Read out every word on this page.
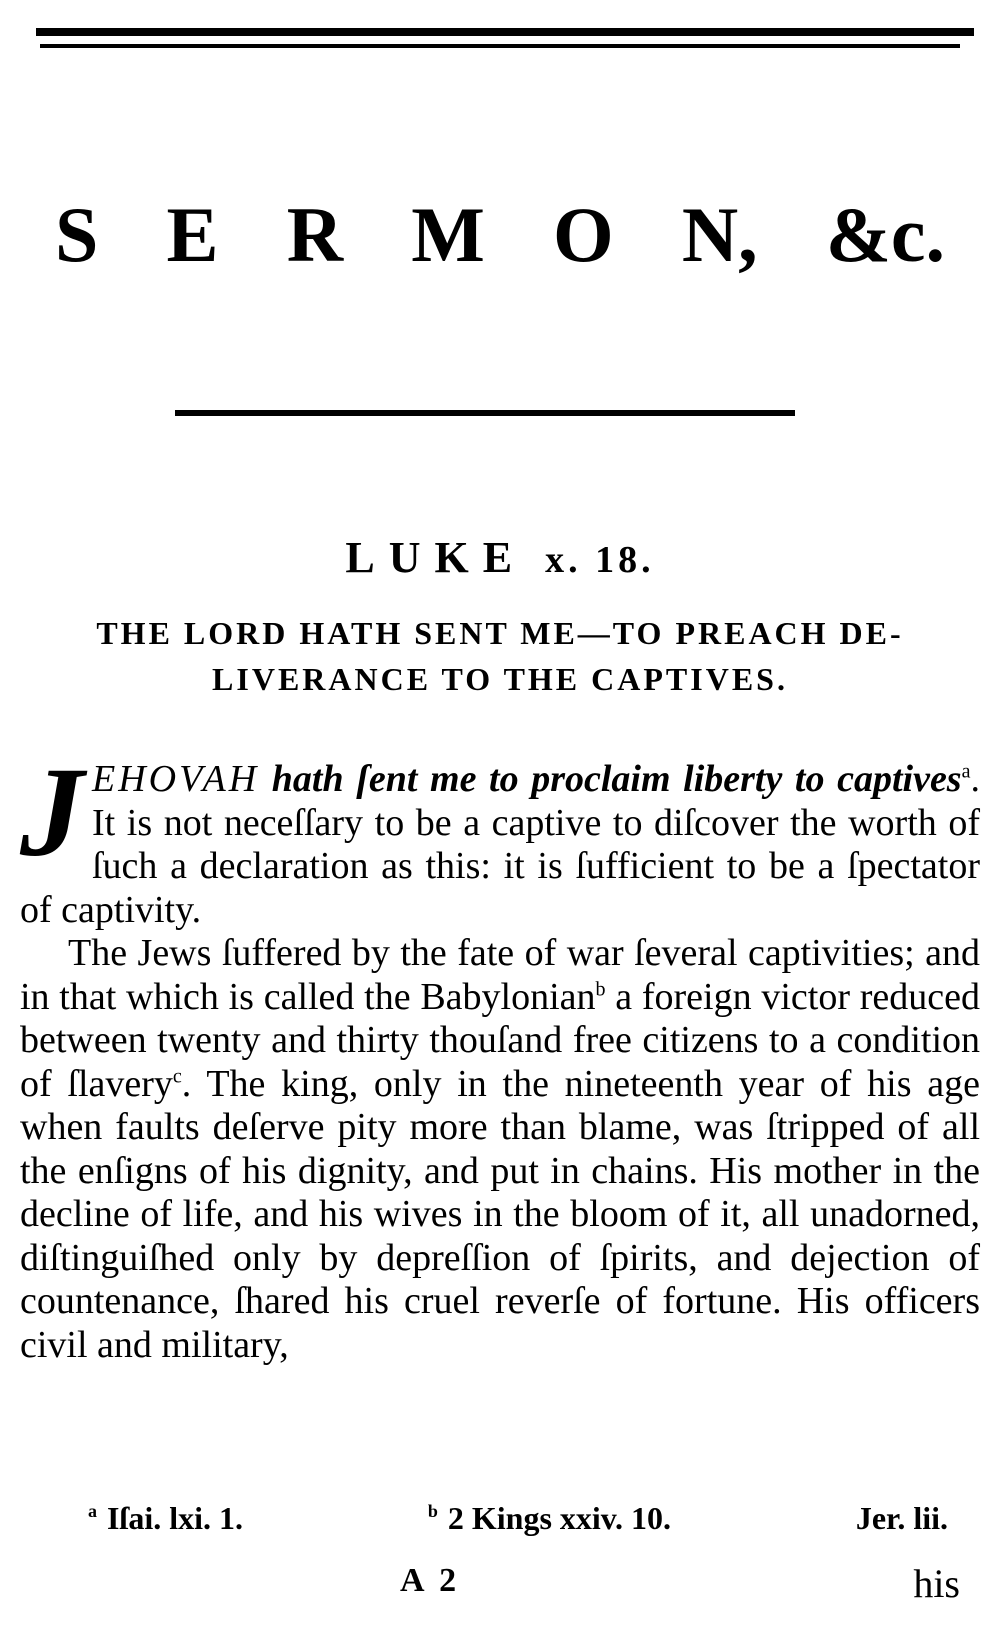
S E R M O N, &c.
LUKE x. 18.
THE LORD HATH SENT ME—TO PREACH DE- LIVERANCE TO THE CAPTIVES.

JEHOVAH hath ſent me to proclaim liberty to captives$^a$. It is not neceſſary to be a captive to diſcover the worth of ſuch a declaration as this: it is ſufficient to be a ſpectator of captivity.

The Jews ſuffered by the fate of war ſeveral captivities; and in that which is called the Babylonian$^b$ a foreign victor reduced between twenty and thirty thouſand free citizens to a condition of ſlavery$^c$. The king, only in the nineteenth year of his age when faults deſerve pity more than blame, was ſtripped of all the enſigns of his dignity, and put in chains. His mother in the decline of life, and his wives in the bloom of it, all unadorned, diſtinguiſhed only by depreſſion of ſpirits, and dejection of countenance, ſhared his cruel reverſe of fortune. His officers civil and military,

$^a$ Iſai. lxi. 1.	$^b$ 2 Kings xxiv. 10.	Jer. lii.
A 2	his
